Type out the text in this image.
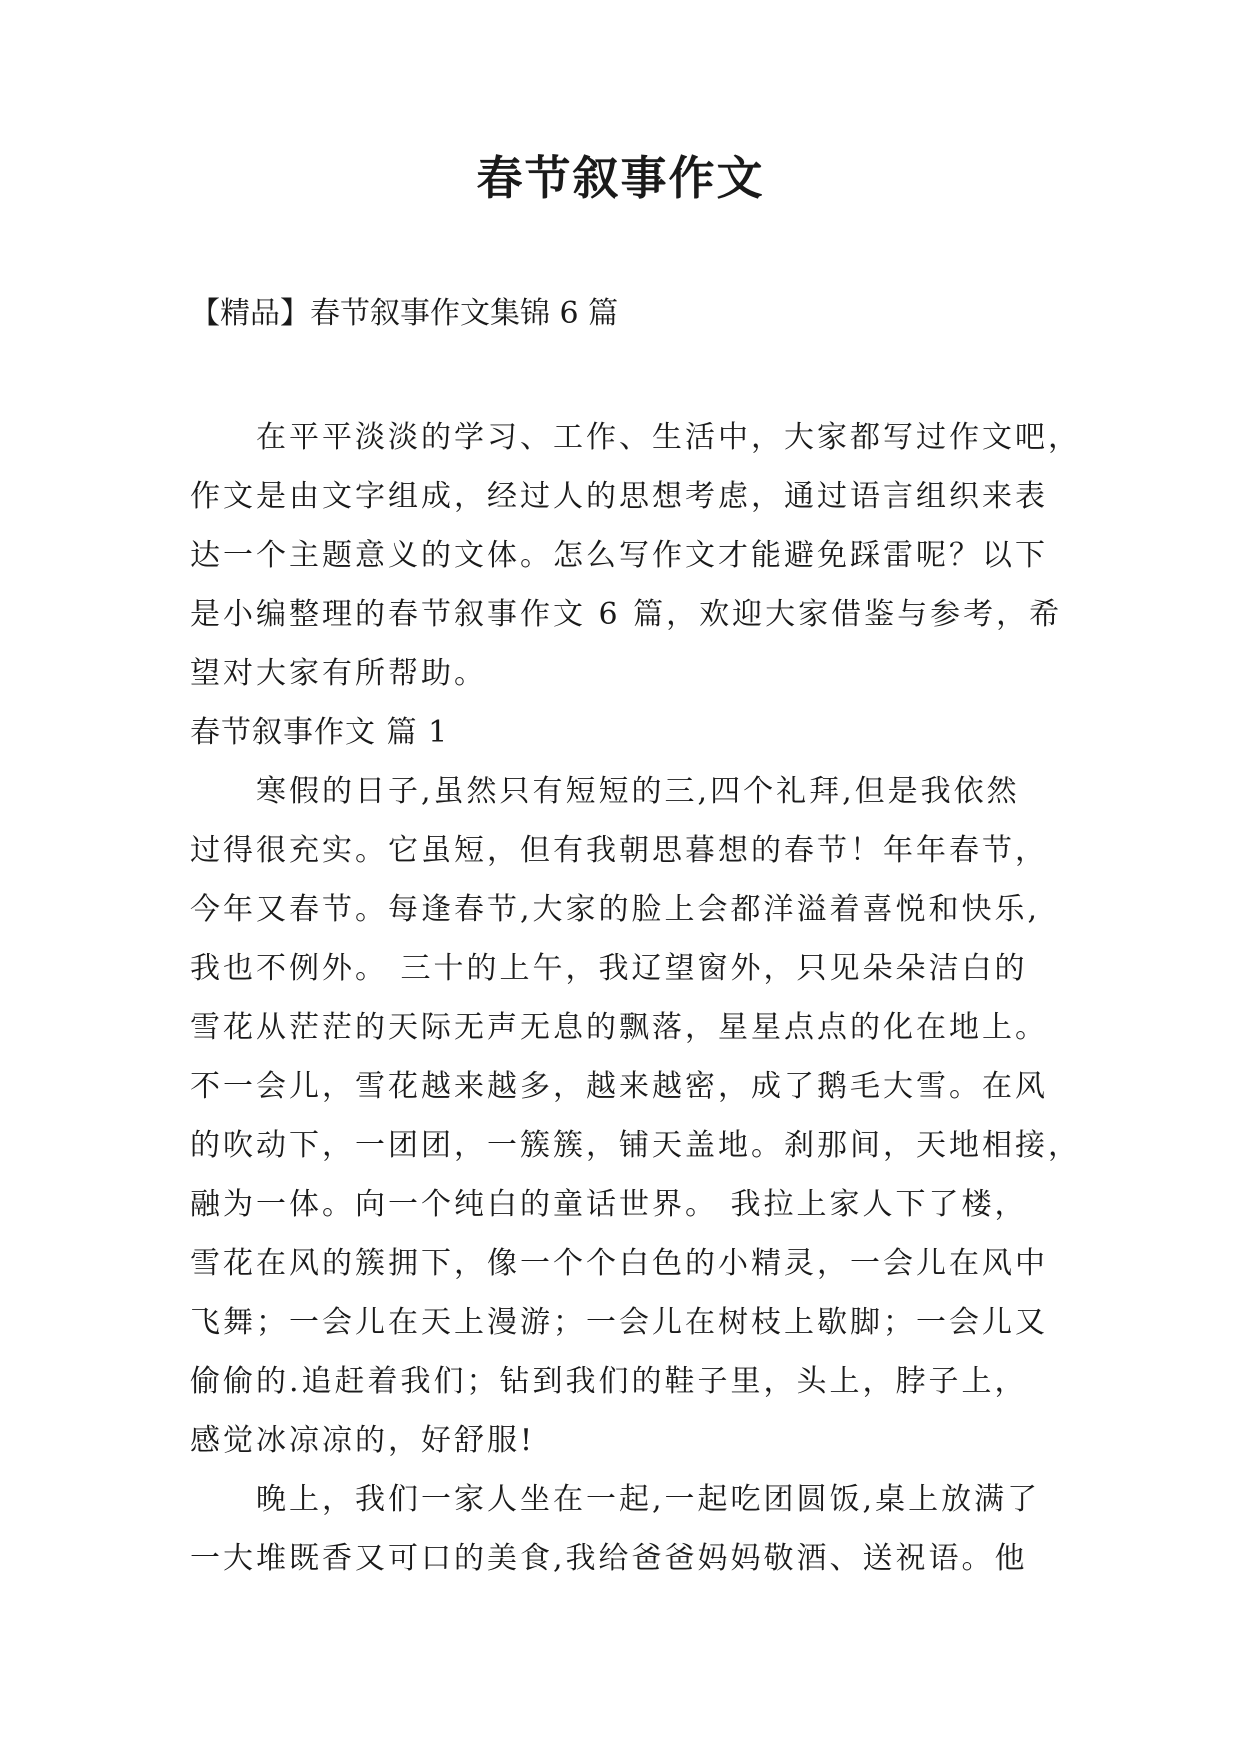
春节叙事作文
【精品】春节叙事作文集锦 6 篇
在平平淡淡的学习、工作、生活中，大家都写过作文吧，
作文是由文字组成，经过人的思想考虑，通过语言组织来表
达一个主题意义的文体。怎么写作文才能避免踩雷呢？以下
是小编整理的春节叙事作文 6 篇，欢迎大家借鉴与参考，希
望对大家有所帮助。
春节叙事作文 篇 1
寒假的日子,虽然只有短短的三,四个礼拜,但是我依然
过得很充实。它虽短，但有我朝思暮想的春节！年年春节，
今年又春节。每逢春节,大家的脸上会都洋溢着喜悦和快乐,
我也不例外。 三十的上午，我辽望窗外，只见朵朵洁白的
雪花从茫茫的天际无声无息的飘落，星星点点的化在地上。
不一会儿，雪花越来越多，越来越密，成了鹅毛大雪。在风
的吹动下，一团团，一簇簇，铺天盖地。刹那间，天地相接，
融为一体。向一个纯白的童话世界。 我拉上家人下了楼，
雪花在风的簇拥下，像一个个白色的小精灵，一会儿在风中
飞舞；一会儿在天上漫游；一会儿在树枝上歇脚；一会儿又
偷偷的.追赶着我们；钻到我们的鞋子里，头上，脖子上，
感觉冰凉凉的，好舒服!
晚上，我们一家人坐在一起,一起吃团圆饭,桌上放满了
一大堆既香又可口的美食,我给爸爸妈妈敬酒、送祝语。他
